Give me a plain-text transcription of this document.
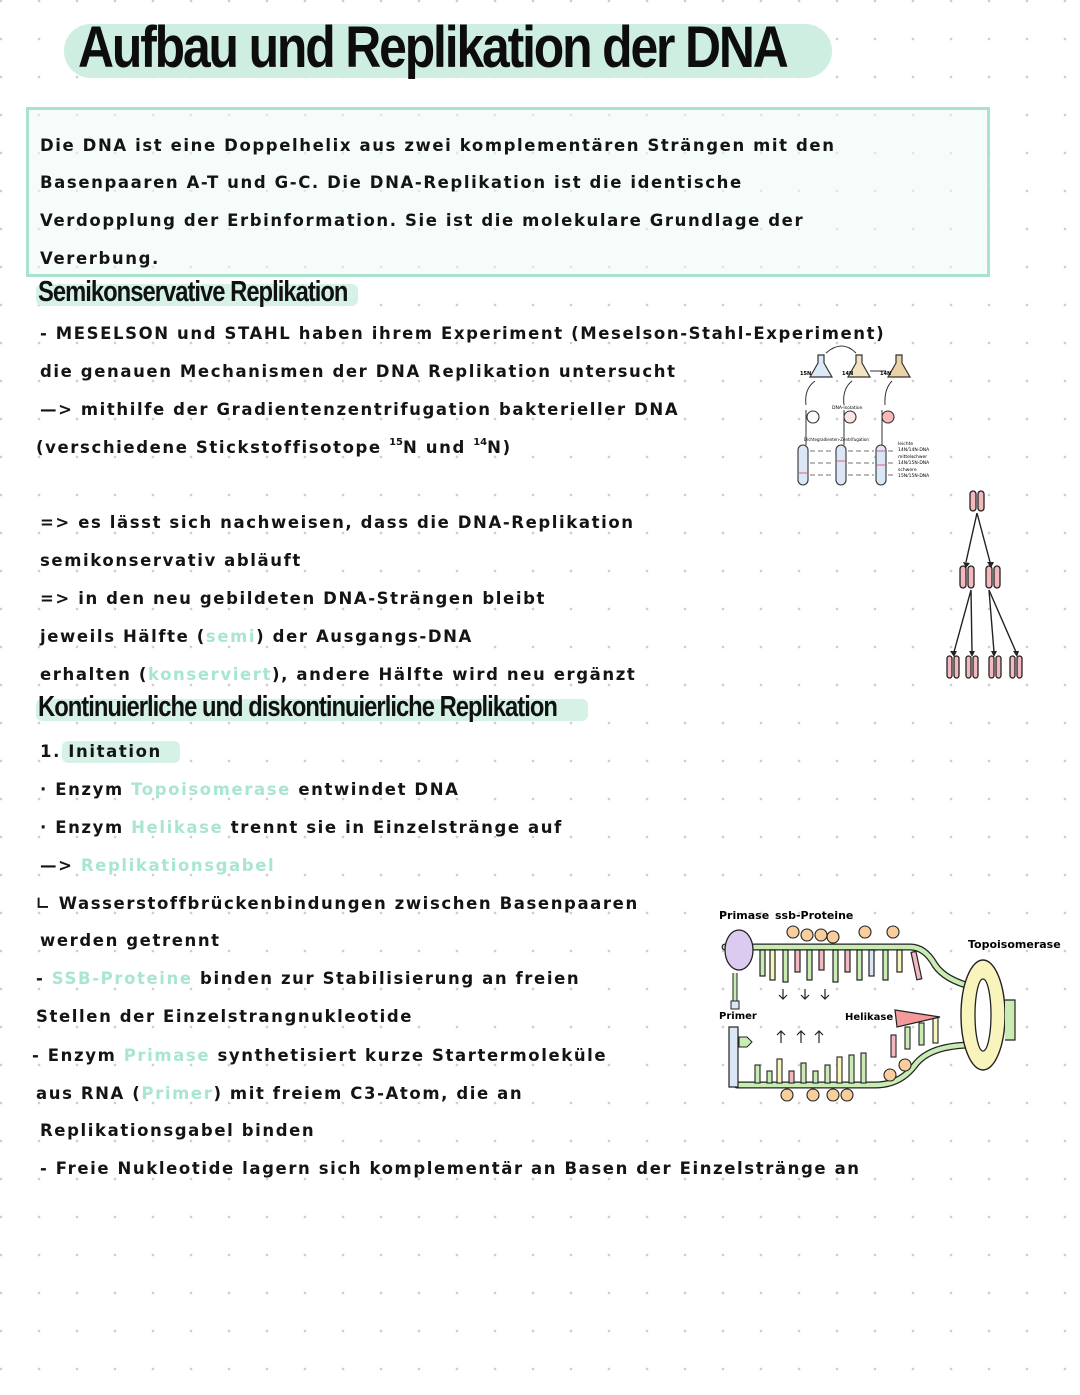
Aufbau und Replikation der DNA
Die DNA ist eine Doppelhelix aus zwei komplementären Strängen mit den
Basenpaaren A-T und G-C. Die DNA-Replikation ist die identische
Verdopplung der Erbinformation. Sie ist die molekulare Grundlage der
Vererbung.
Semikonservative Replikation
- MESELSON und STAHL haben ihrem Experiment (Meselson-Stahl-Experiment)
die genauen Mechanismen der DNA Replikation untersucht
—> mithilfe der Gradientenzentrifugation bakterieller DNA
(verschiedene Stickstoffisotope $^{15}$N und $^{14}$N)
=> es lässt sich nachweisen, dass die DNA-Replikation
semikonservativ abläuft
=> in den neu gebildeten DNA-Strängen bleibt
jeweils Hälfte (semi) der Ausgangs-DNA
erhalten (konserviert), andere Hälfte wird neu ergänzt
15N	14N	14N
DNA-Isolation
Dichtegradienten-Zentrifugation
leichte
14N/14N-DNA
mittelschwer
14N/15N-DNA
schwere
15N/15N-DNA
Kontinuierliche und diskontinuierliche Replikation
1. Initation
· Enzym Topoisomerase entwindet DNA
· Enzym Helikase trennt sie in Einzelstränge auf
—> Replikationsgabel
∟ Wasserstoffbrückenbindungen zwischen Basenpaaren
werden getrennt
- SSB-Proteine binden zur Stabilisierung an freien
Stellen der Einzelstrangnukleotide
- Enzym Primase synthetisiert kurze Startermoleküle
aus RNA (Primer) mit freiem C3-Atom, die an
Replikationsgabel binden
- Freie Nukleotide lagern sich komplementär an Basen der Einzelstränge an
Primase ssb-Proteine
Topoisomerase
Primer	Helikase
